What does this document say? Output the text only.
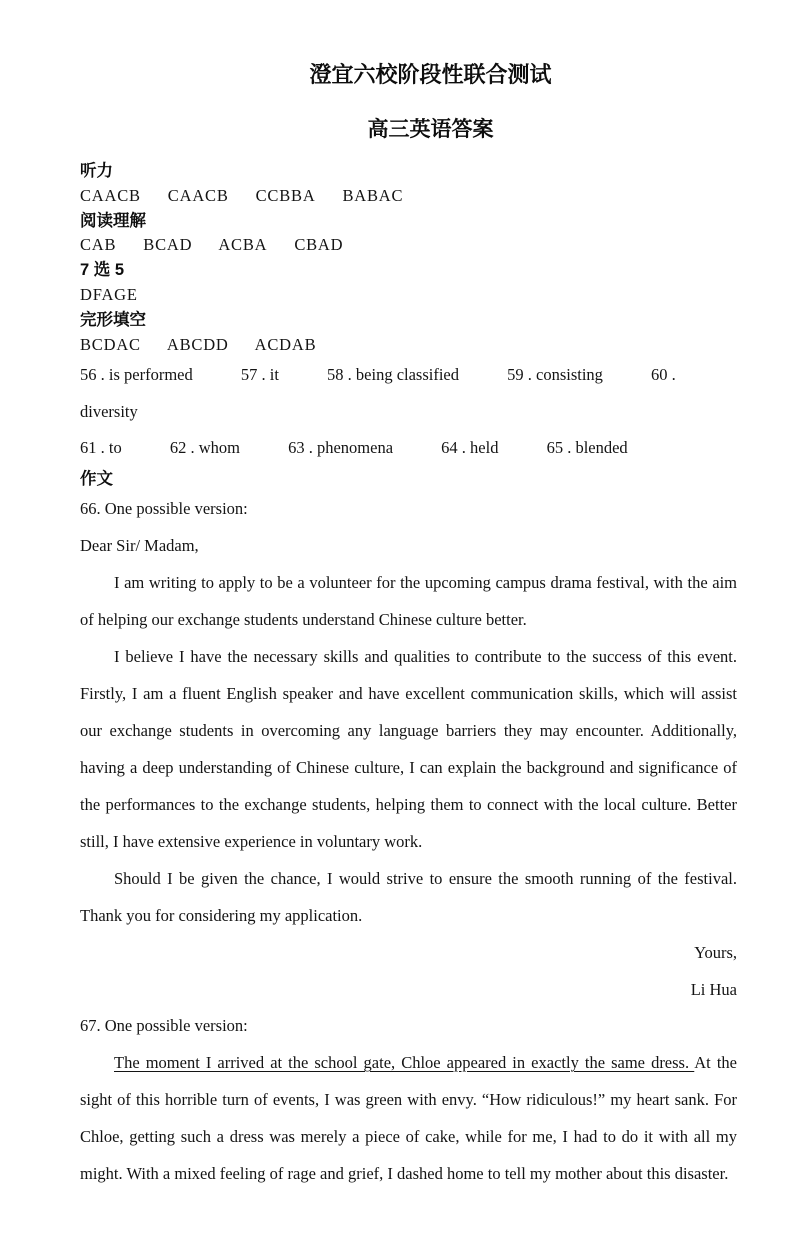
澄宜六校阶段性联合测试
高三英语答案
听力
CAACB CAACB CCBBA BABAC
阅读理解
CAB BCAD ACBA CBAD
7 选 5
DFAGE
完形填空
BCDAC ABCDD ACDAB
56 . is performed	57 . it	58 . being classified	59 . consisting	60 . diversity
61 . to	62 . whom	63 . phenomena	64 . held	65 . blended
作文

66. One possible version:

Dear Sir/ Madam,

I am writing to apply to be a volunteer for the upcoming campus drama festival, with the aim of helping our exchange students understand Chinese culture better.

I believe I have the necessary skills and qualities to contribute to the success of this event. Firstly, I am a fluent English speaker and have excellent communication skills, which will assist our exchange students in overcoming any language barriers they may encounter. Additionally, having a deep understanding of Chinese culture, I can explain the background and significance of the performances to the exchange students, helping them to connect with the local culture. Better still, I have extensive experience in voluntary work.

Should I be given the chance, I would strive to ensure the smooth running of the festival. Thank you for considering my application.

Yours,

Li Hua

67. One possible version:

The moment I arrived at the school gate, Chloe appeared in exactly the same dress. At the sight of this horrible turn of events, I was green with envy. “How ridiculous!” my heart sank. For Chloe, getting such a dress was merely a piece of cake, while for me, I had to do it with all my might. With a mixed feeling of rage and grief, I dashed home to tell my mother about this disaster.
